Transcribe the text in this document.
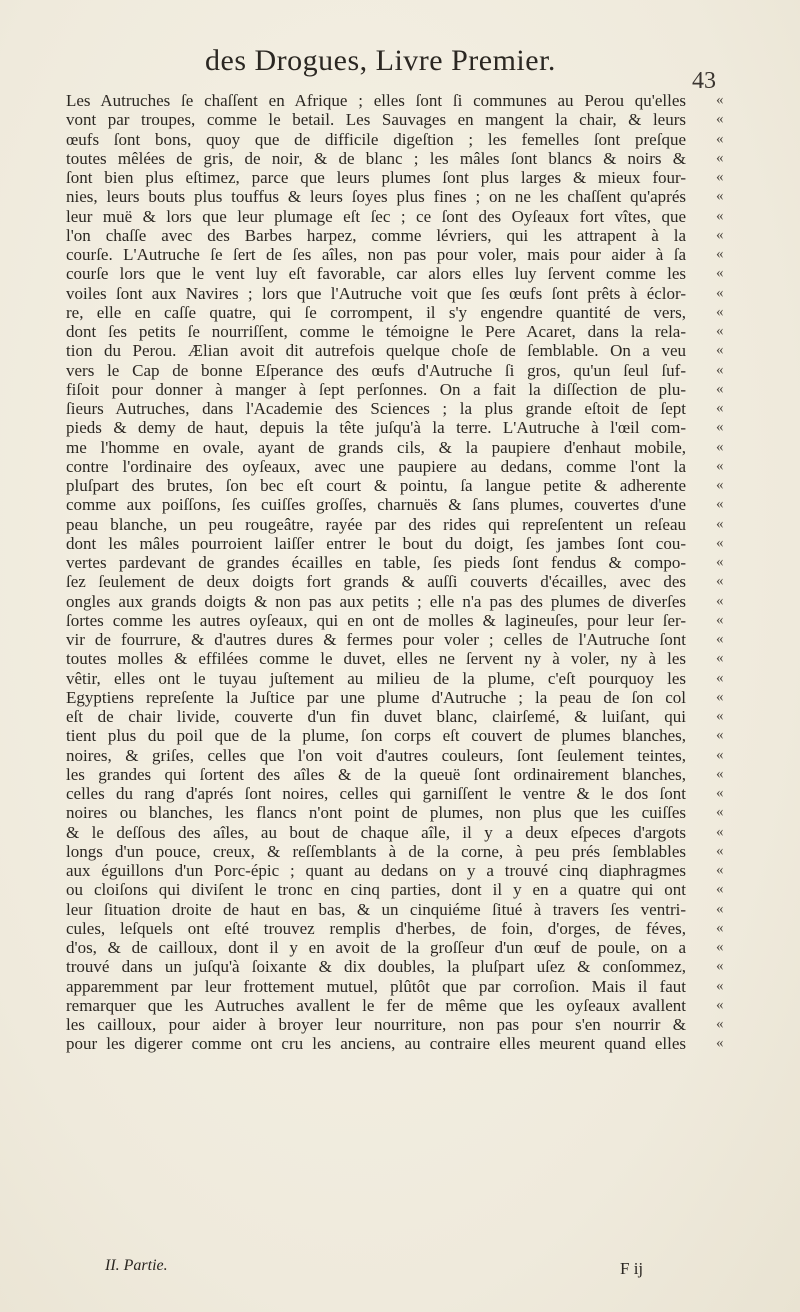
des Drogues, Livre Premier.
43
Les Autruches ſe chaſſent en Afrique ; elles ſont ſi communes au Perou qu'elles
vont par troupes, comme le betail. Les Sauvages en mangent la chair, & leurs
œufs ſont bons, quoy que de difficile digeſtion ; les femelles ſont preſque
toutes mêlées de gris, de noir, & de blanc ; les mâles ſont blancs & noirs &
ſont bien plus eſtimez, parce que leurs plumes ſont plus larges & mieux four-
nies, leurs bouts plus touffus & leurs ſoyes plus fines ; on ne les chaſſent qu'aprés
leur muë & lors que leur plumage eſt ſec ; ce ſont des Oyſeaux fort vîtes, que
l'on chaſſe avec des Barbes harpez, comme lévriers, qui les attrapent à la
courſe. L'Autruche ſe ſert de ſes aîles, non pas pour voler, mais pour aider à ſa
courſe lors que le vent luy eſt favorable, car alors elles luy ſervent comme les
voiles ſont aux Navires ; lors que l'Autruche voit que ſes œufs ſont prêts à éclor-
re, elle en caſſe quatre, qui ſe corrompent, il s'y engendre quantité de vers,
dont ſes petits ſe nourriſſent, comme le témoigne le Pere Acaret, dans la rela-
tion du Perou. Ælian avoit dit autrefois quelque choſe de ſemblable. On a veu
vers le Cap de bonne Eſperance des œufs d'Autruche ſi gros, qu'un ſeul ſuf-
fiſoit pour donner à manger à ſept perſonnes. On a fait la diſſection de plu-
ſieurs Autruches, dans l'Academie des Sciences ; la plus grande eſtoit de ſept
pieds & demy de haut, depuis la tête juſqu'à la terre. L'Autruche à l'œil com-
me l'homme en ovale, ayant de grands cils, & la paupiere d'enhaut mobile,
contre l'ordinaire des oyſeaux, avec une paupiere au dedans, comme l'ont la
pluſpart des brutes, ſon bec eſt court & pointu, ſa langue petite & adherente
comme aux poiſſons, ſes cuiſſes groſſes, charnuës & ſans plumes, couvertes d'une
peau blanche, un peu rougeâtre, rayée par des rides qui repreſentent un reſeau
dont les mâles pourroient laiſſer entrer le bout du doigt, ſes jambes ſont cou-
vertes pardevant de grandes écailles en table, ſes pieds ſont fendus & compo-
ſez ſeulement de deux doigts fort grands & auſſi couverts d'écailles, avec des
ongles aux grands doigts & non pas aux petits ; elle n'a pas des plumes de diverſes
ſortes comme les autres oyſeaux, qui en ont de molles & lagineuſes, pour leur ſer-
vir de fourrure, & d'autres dures & fermes pour voler ; celles de l'Autruche ſont
toutes molles & effilées comme le duvet, elles ne ſervent ny à voler, ny à les
vêtir, elles ont le tuyau juſtement au milieu de la plume, c'eſt pourquoy les
Egyptiens repreſente la Juſtice par une plume d'Autruche ; la peau de ſon col
eſt de chair livide, couverte d'un fin duvet blanc, clairſemé, & luiſant, qui
tient plus du poil que de la plume, ſon corps eſt couvert de plumes blanches,
noires, & griſes, celles que l'on voit d'autres couleurs, ſont ſeulement teintes,
les grandes qui ſortent des aîles & de la queuë ſont ordinairement blanches,
celles du rang d'aprés ſont noires, celles qui garniſſent le ventre & le dos ſont
noires ou blanches, les flancs n'ont point de plumes, non plus que les cuiſſes
& le deſſous des aîles, au bout de chaque aîle, il y a deux eſpeces d'argots
longs d'un pouce, creux, & reſſemblants à de la corne, à peu prés ſemblables
aux éguillons d'un Porc-épic ; quant au dedans on y a trouvé cinq diaphragmes
ou cloiſons qui diviſent le tronc en cinq parties, dont il y en a quatre qui ont
leur ſituation droite de haut en bas, & un cinquiéme ſitué à travers ſes ventri-
cules, leſquels ont eſté trouvez remplis d'herbes, de foin, d'orges, de féves,
d'os, & de cailloux, dont il y en avoit de la groſſeur d'un œuf de poule, on a
trouvé dans un juſqu'à ſoixante & dix doubles, la pluſpart uſez & conſommez,
apparemment par leur frottement mutuel, plûtôt que par corroſion. Mais il faut
remarquer que les Autruches avallent le fer de même que les oyſeaux avallent
les cailloux, pour aider à broyer leur nourriture, non pas pour s'en nourrir &
pour les digerer comme ont cru les anciens, au contraire elles meurent quand elles
«
«
«
«
«
«
«
«
«
«
«
«
«
«
«
«
«
«
«
«
«
«
«
«
«
«
«
«
«
«
«
«
«
«
«
«
«
«
«
«
«
«
«
«
«
«
«
«
«
«
II. Partie.	F ij
